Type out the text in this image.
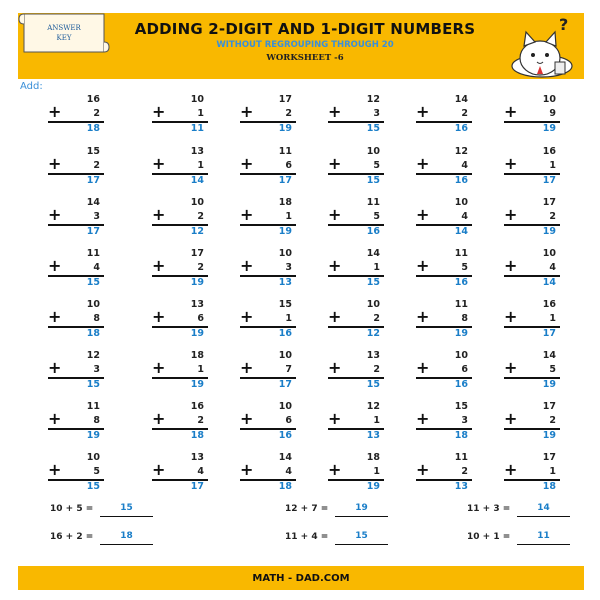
ANSWER
KEY	ADDING 2-DIGIT AND 1-DIGIT NUMBERS
WITHOUT REGROUPING THROUGH 20
WORKSHEET -6
?
Add:
16
+	2
18
10
+	1
11
17
+	2
19
12
+	3
15
14
+	2
16
10
+	9
19
15
+	2
17
13
+	1
14
11
+	6
17
10
+	5
15
12
+	4
16
16
+	1
17
14
+	3
17
10
+	2
12
18
+	1
19
11
+	5
16
10
+	4
14
17
+	2
19
11
+	4
15
17
+	2
19
10
+	3
13
14
+	1
15
11
+	5
16
10
+	4
14
10
+	8
18
13
+	6
19
15
+	1
16
10
+	2
12
11
+	8
19
16
+	1
17
12
+	3
15
18
+	1
19
10
+	7
17
13
+	2
15
10
+	6
16
14
+	5
19
11
+	8
19
16
+	2
18
10
+	6
16
12
+	1
13
15
+	3
18
17
+	2
19
10
+	5
15
13
+	4
17
14
+	4
18
18
+	1
19
11
+	2
13
17
+	1
18
10 + 5 =	15	12 + 7 =	19	11 + 3 =	14
16 + 2 =	18	11 + 4 =	15	10 + 1 =	11
MATH - DAD.COM
